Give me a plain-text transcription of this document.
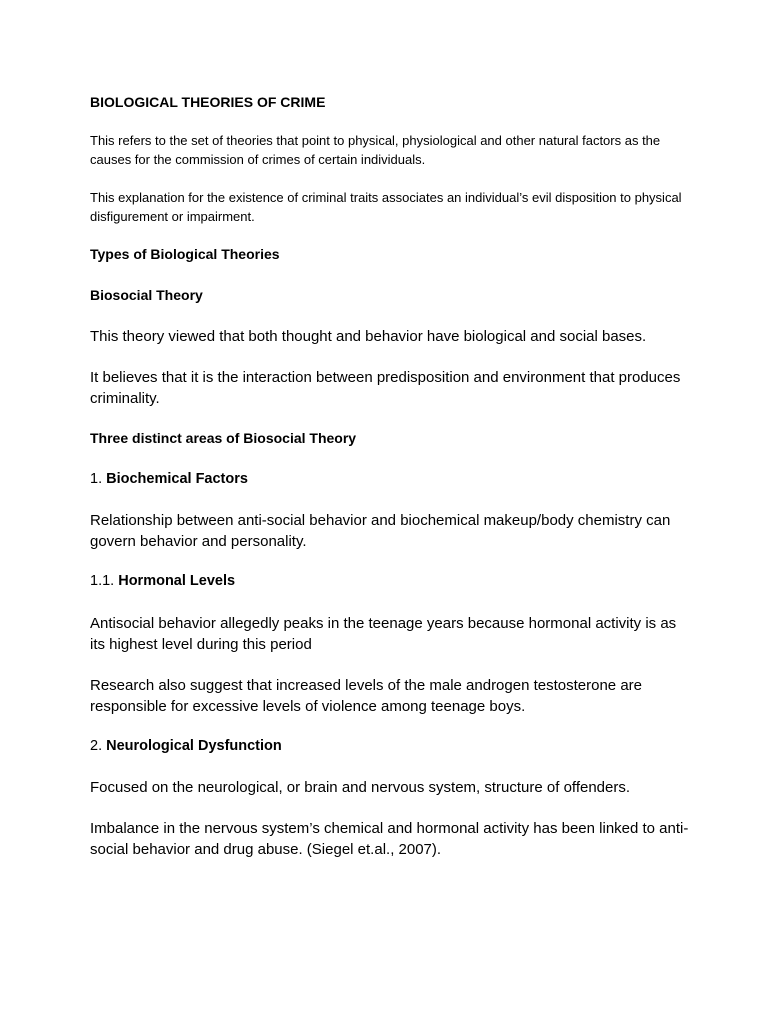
BIOLOGICAL THEORIES OF CRIME

This refers to the set of theories that point to physical, physiological and other natural factors as the causes for the commission of crimes of certain individuals.

This explanation for the existence of criminal traits associates an individual’s evil disposition to physical disfigurement or impairment.

Types of Biological Theories
Biosocial Theory

This theory viewed that both thought and behavior have biological and social bases.

It believes that it is the interaction between predisposition and environment that produces criminality.

Three distinct areas of Biosocial Theory
1. Biochemical Factors

Relationship between anti-social behavior and biochemical makeup/body chemistry can govern behavior and personality.

1.1. Hormonal Levels

Antisocial behavior allegedly peaks in the teenage years because hormonal activity is as its highest level during this period

Research also suggest that increased levels of the male androgen testosterone are responsible for excessive levels of violence among teenage boys.

2. Neurological Dysfunction

Focused on the neurological, or brain and nervous system, structure of offenders.

Imbalance in the nervous system’s chemical and hormonal activity has been linked to anti-social behavior and drug abuse. (Siegel et.al., 2007).
